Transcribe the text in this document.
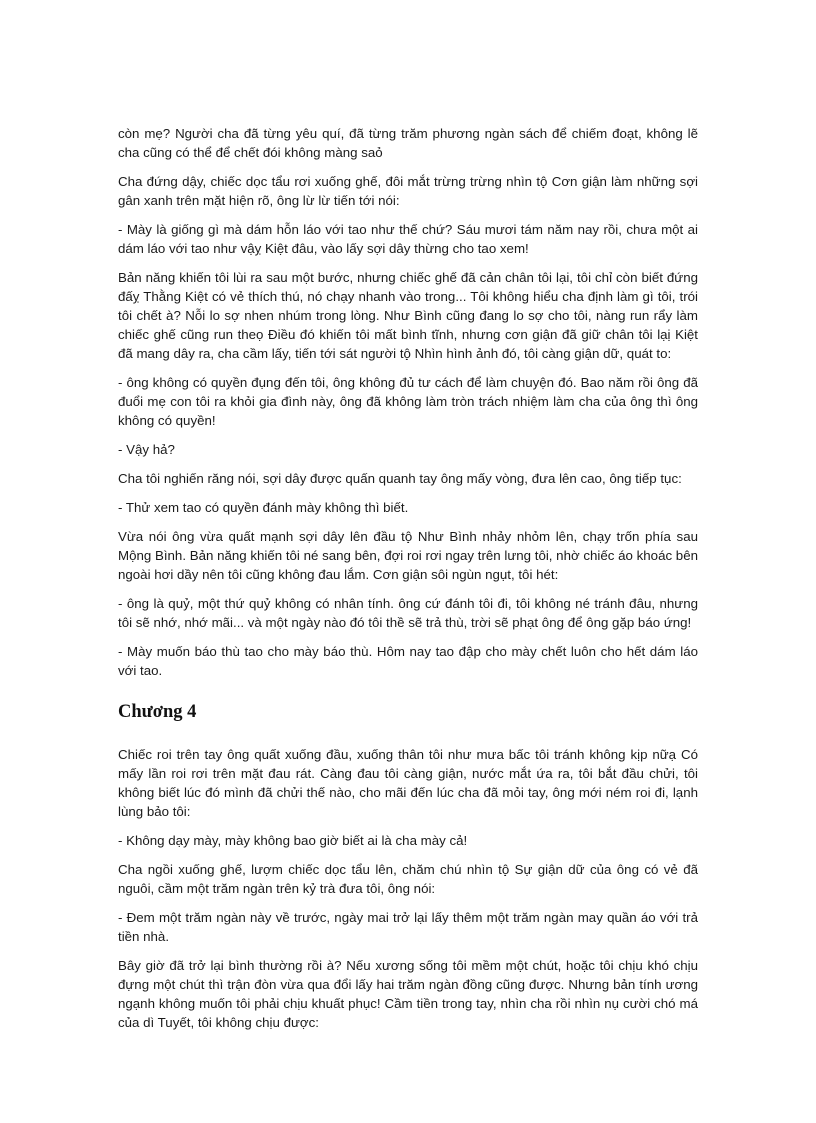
còn mẹ? Người cha đã từng yêu quí, đã từng trăm phương ngàn sách để chiếm đoạt, không lẽ cha cũng có thể để chết đói không màng saỏ

Cha đứng dậy, chiếc dọc tẩu rơi xuống ghế, đôi mắt trừng trừng nhìn tộ̣ Cơn giận làm những sợi gân xanh trên mặt hiện rõ, ông lừ lừ tiến tới nói:

- Mày là giống gì mà dám hỗn láo với tao như thế chứ? Sáu mươi tám năm nay rồi, chưa một ai dám láo với tao như vậỵ Kiệt đâu, vào lấy sợi dây thừng cho tao xem!

Bản năng khiến tôi lùi ra sau một bước, nhưng chiếc ghế đã cản chân tôi lại, tôi chỉ còn biết đứng đấỵ Thằng Kiệt có vẻ thích thú, nó chạy nhanh vào trong... Tôi không hiểu cha định làm gì tôi, trói tôi chết à? Nỗi lo sợ nhen nhúm trong lòng. Như Bình cũng đang lo sợ cho tôi, nàng run rẩy làm chiếc ghế cũng run theọ Điều đó khiến tôi mất bình tĩnh, nhưng cơn giận đã giữ chân tôi lạị Kiệt đã mang dây ra, cha cầm lấy, tiến tới sát người tộ̣ Nhìn hình ảnh đó, tôi càng giận dữ, quát to:

- ông không có quyền đụng đến tôi, ông không đủ tư cách để làm chuyện đó. Bao năm rồi ông đã đuổi mẹ con tôi ra khỏi gia đình này, ông đã không làm tròn trách nhiệm làm cha của ông thì ông không có quyền!

- Vậy hả?

Cha tôi nghiến răng nói, sợi dây được quấn quanh tay ông mấy vòng, đưa lên cao, ông tiếp tục:

- Thử xem tao có quyền đánh mày không thì biết.

Vừa nói ông vừa quất mạnh sợi dây lên đầu tộ̣ Như Bình nhảy nhỏm lên, chạy trốn phía sau Mộng Bình. Bản năng khiến tôi né sang bên, đợi roi rơi ngay trên lưng tôi, nhờ chiếc áo khoác bên ngoài hơi dầy nên tôi cũng không đau lắm. Cơn giận sôi ngùn ngụt, tôi hét:

- ông là quỷ, một thứ quỷ không có nhân tính. ông cứ đánh tôi đi, tôi không né tránh đâu, nhưng tôi sẽ nhớ, nhớ mãi... và một ngày nào đó tôi thề sẽ trả thù, trời sẽ phạt ông để ông gặp báo ứng!

- Mày muốn báo thù tao cho mày báo thù. Hôm nay tao đập cho mày chết luôn cho hết dám láo với tao.

Chương 4

Chiếc roi trên tay ông quất xuống đầu, xuống thân tôi như mưa bấc tôi tránh không kịp nữạ Có mấy lần roi rơi trên mặt đau rát. Càng đau tôi càng giận, nước mắt ứa ra, tôi bắt đầu chửi, tôi không biết lúc đó mình đã chửi thế nào, cho mãi đến lúc cha đã mỏi tay, ông mới ném roi đi, lạnh lùng bảo tôi:

- Không dạy mày, mày không bao giờ biết ai là cha mày cả!

Cha ngồi xuống ghế, lượm chiếc dọc tẩu lên, chăm chú nhìn tộ̣ Sự giận dữ của ông có vẻ đã nguôi, cầm một trăm ngàn trên kỷ trà đưa tôi, ông nói:

- Đem một trăm ngàn này về trước, ngày mai trở lại lấy thêm một trăm ngàn may quần áo với trả tiền nhà.

Bây giờ đã trở lại bình thường rồi à? Nếu xương sống tôi mềm một chút, hoặc tôi chịu khó chịu đựng một chút thì trận đòn vừa qua đổi lấy hai trăm ngàn đồng cũng được. Nhưng bản tính ương ngạnh không muốn tôi phải chịu khuất phục! Cầm tiền trong tay, nhìn cha rồi nhìn nụ cười chó má của dì Tuyết, tôi không chịu được:
